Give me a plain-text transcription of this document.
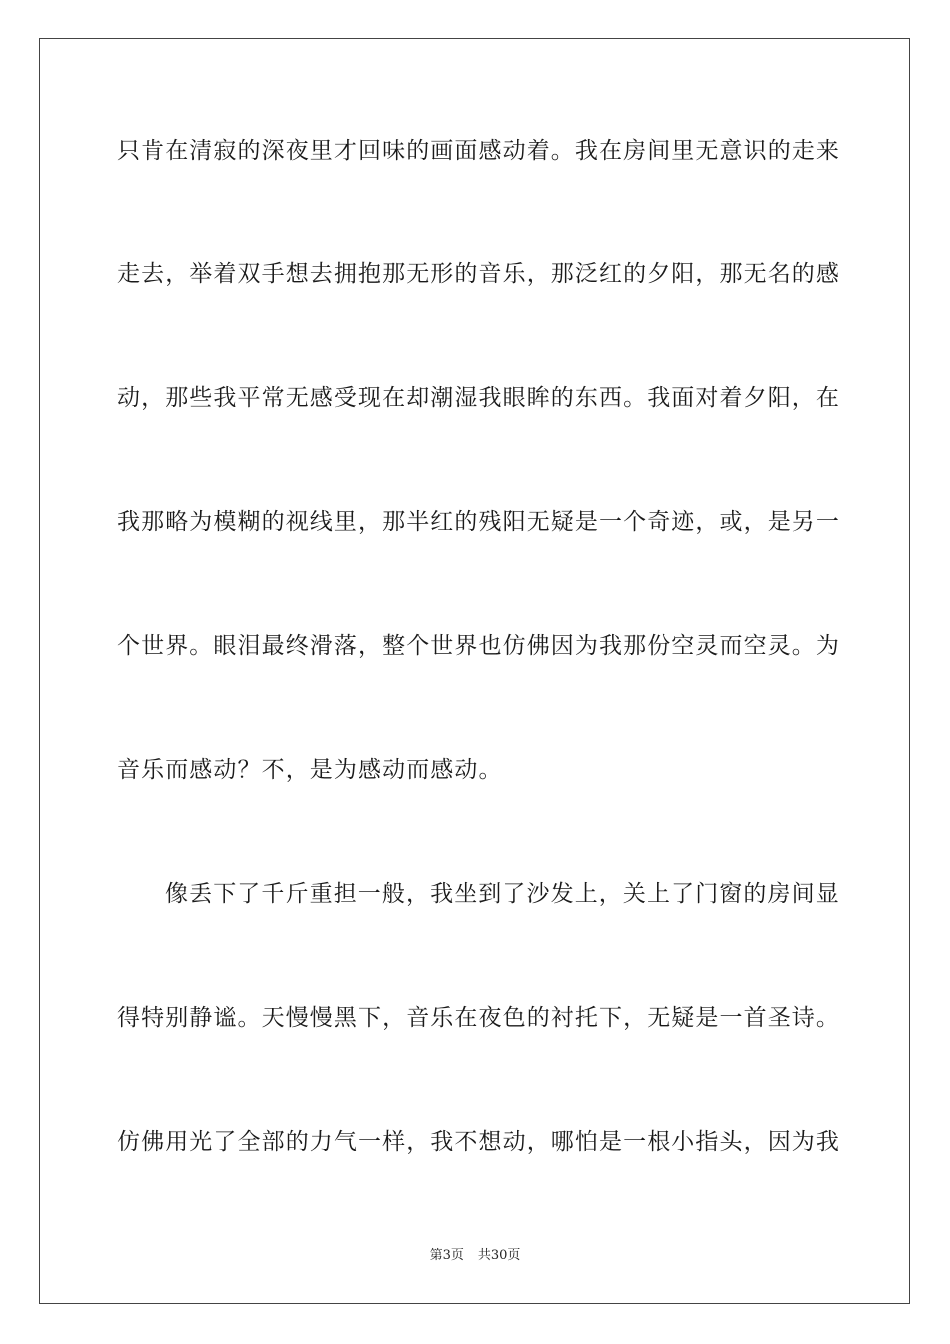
只肯在清寂的深夜里才回味的画面感动着。我在房间里无意识的走来
走去，举着双手想去拥抱那无形的音乐，那泛红的夕阳，那无名的感
动，那些我平常无感受现在却潮湿我眼眸的东西。我面对着夕阳，在
我那略为模糊的视线里，那半红的残阳无疑是一个奇迹，或，是另一
个世界。眼泪最终滑落，整个世界也仿佛因为我那份空灵而空灵。为
音乐而感动？不，是为感动而感动。
像丢下了千斤重担一般，我坐到了沙发上，关上了门窗的房间显
得特别静谧。天慢慢黑下，音乐在夜色的衬托下，无疑是一首圣诗。
仿佛用光了全部的力气一样，我不想动，哪怕是一根小指头，因为我
第3页 共30页
